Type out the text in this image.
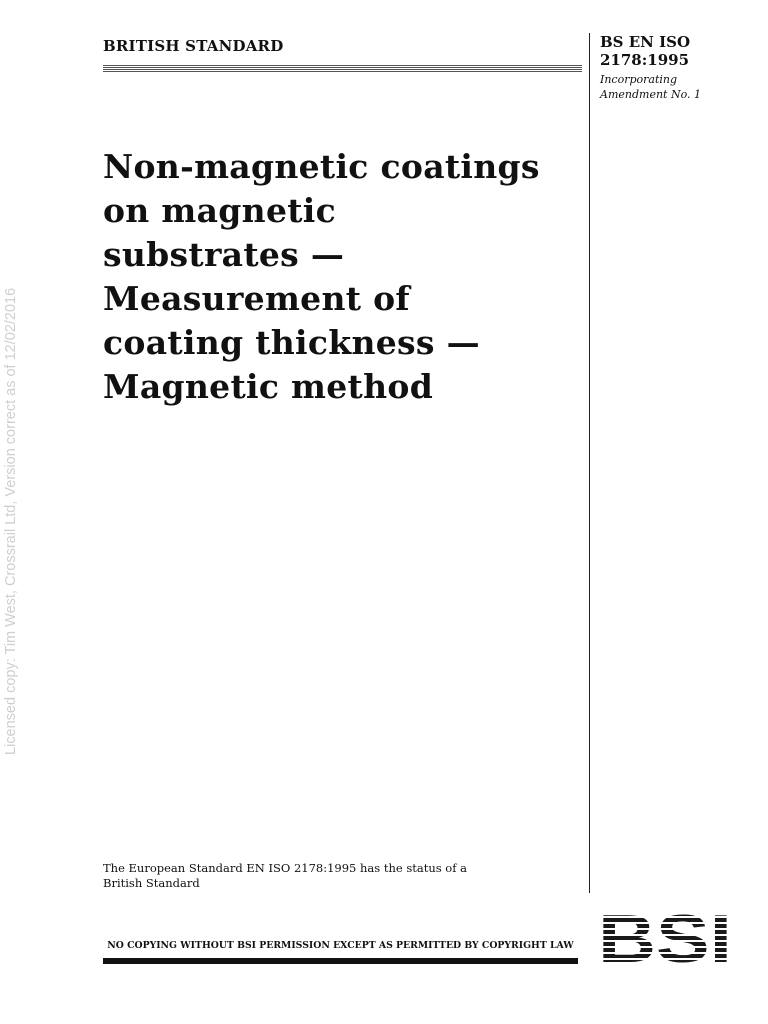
BRITISH STANDARD	BS EN ISO
2178:1995
Incorporating
Amendment No. 1
Non-magnetic coatings
on magnetic
substrates —
Measurement of
coating thickness —
Magnetic method
Licensed copy: Tim West, Crossrail Ltd, Version correct as of 12/02/2016
The European Standard EN ISO 2178:1995 has the status of a
British Standard
NO COPYING WITHOUT BSI PERMISSION EXCEPT AS PERMITTED BY COPYRIGHT LAW
